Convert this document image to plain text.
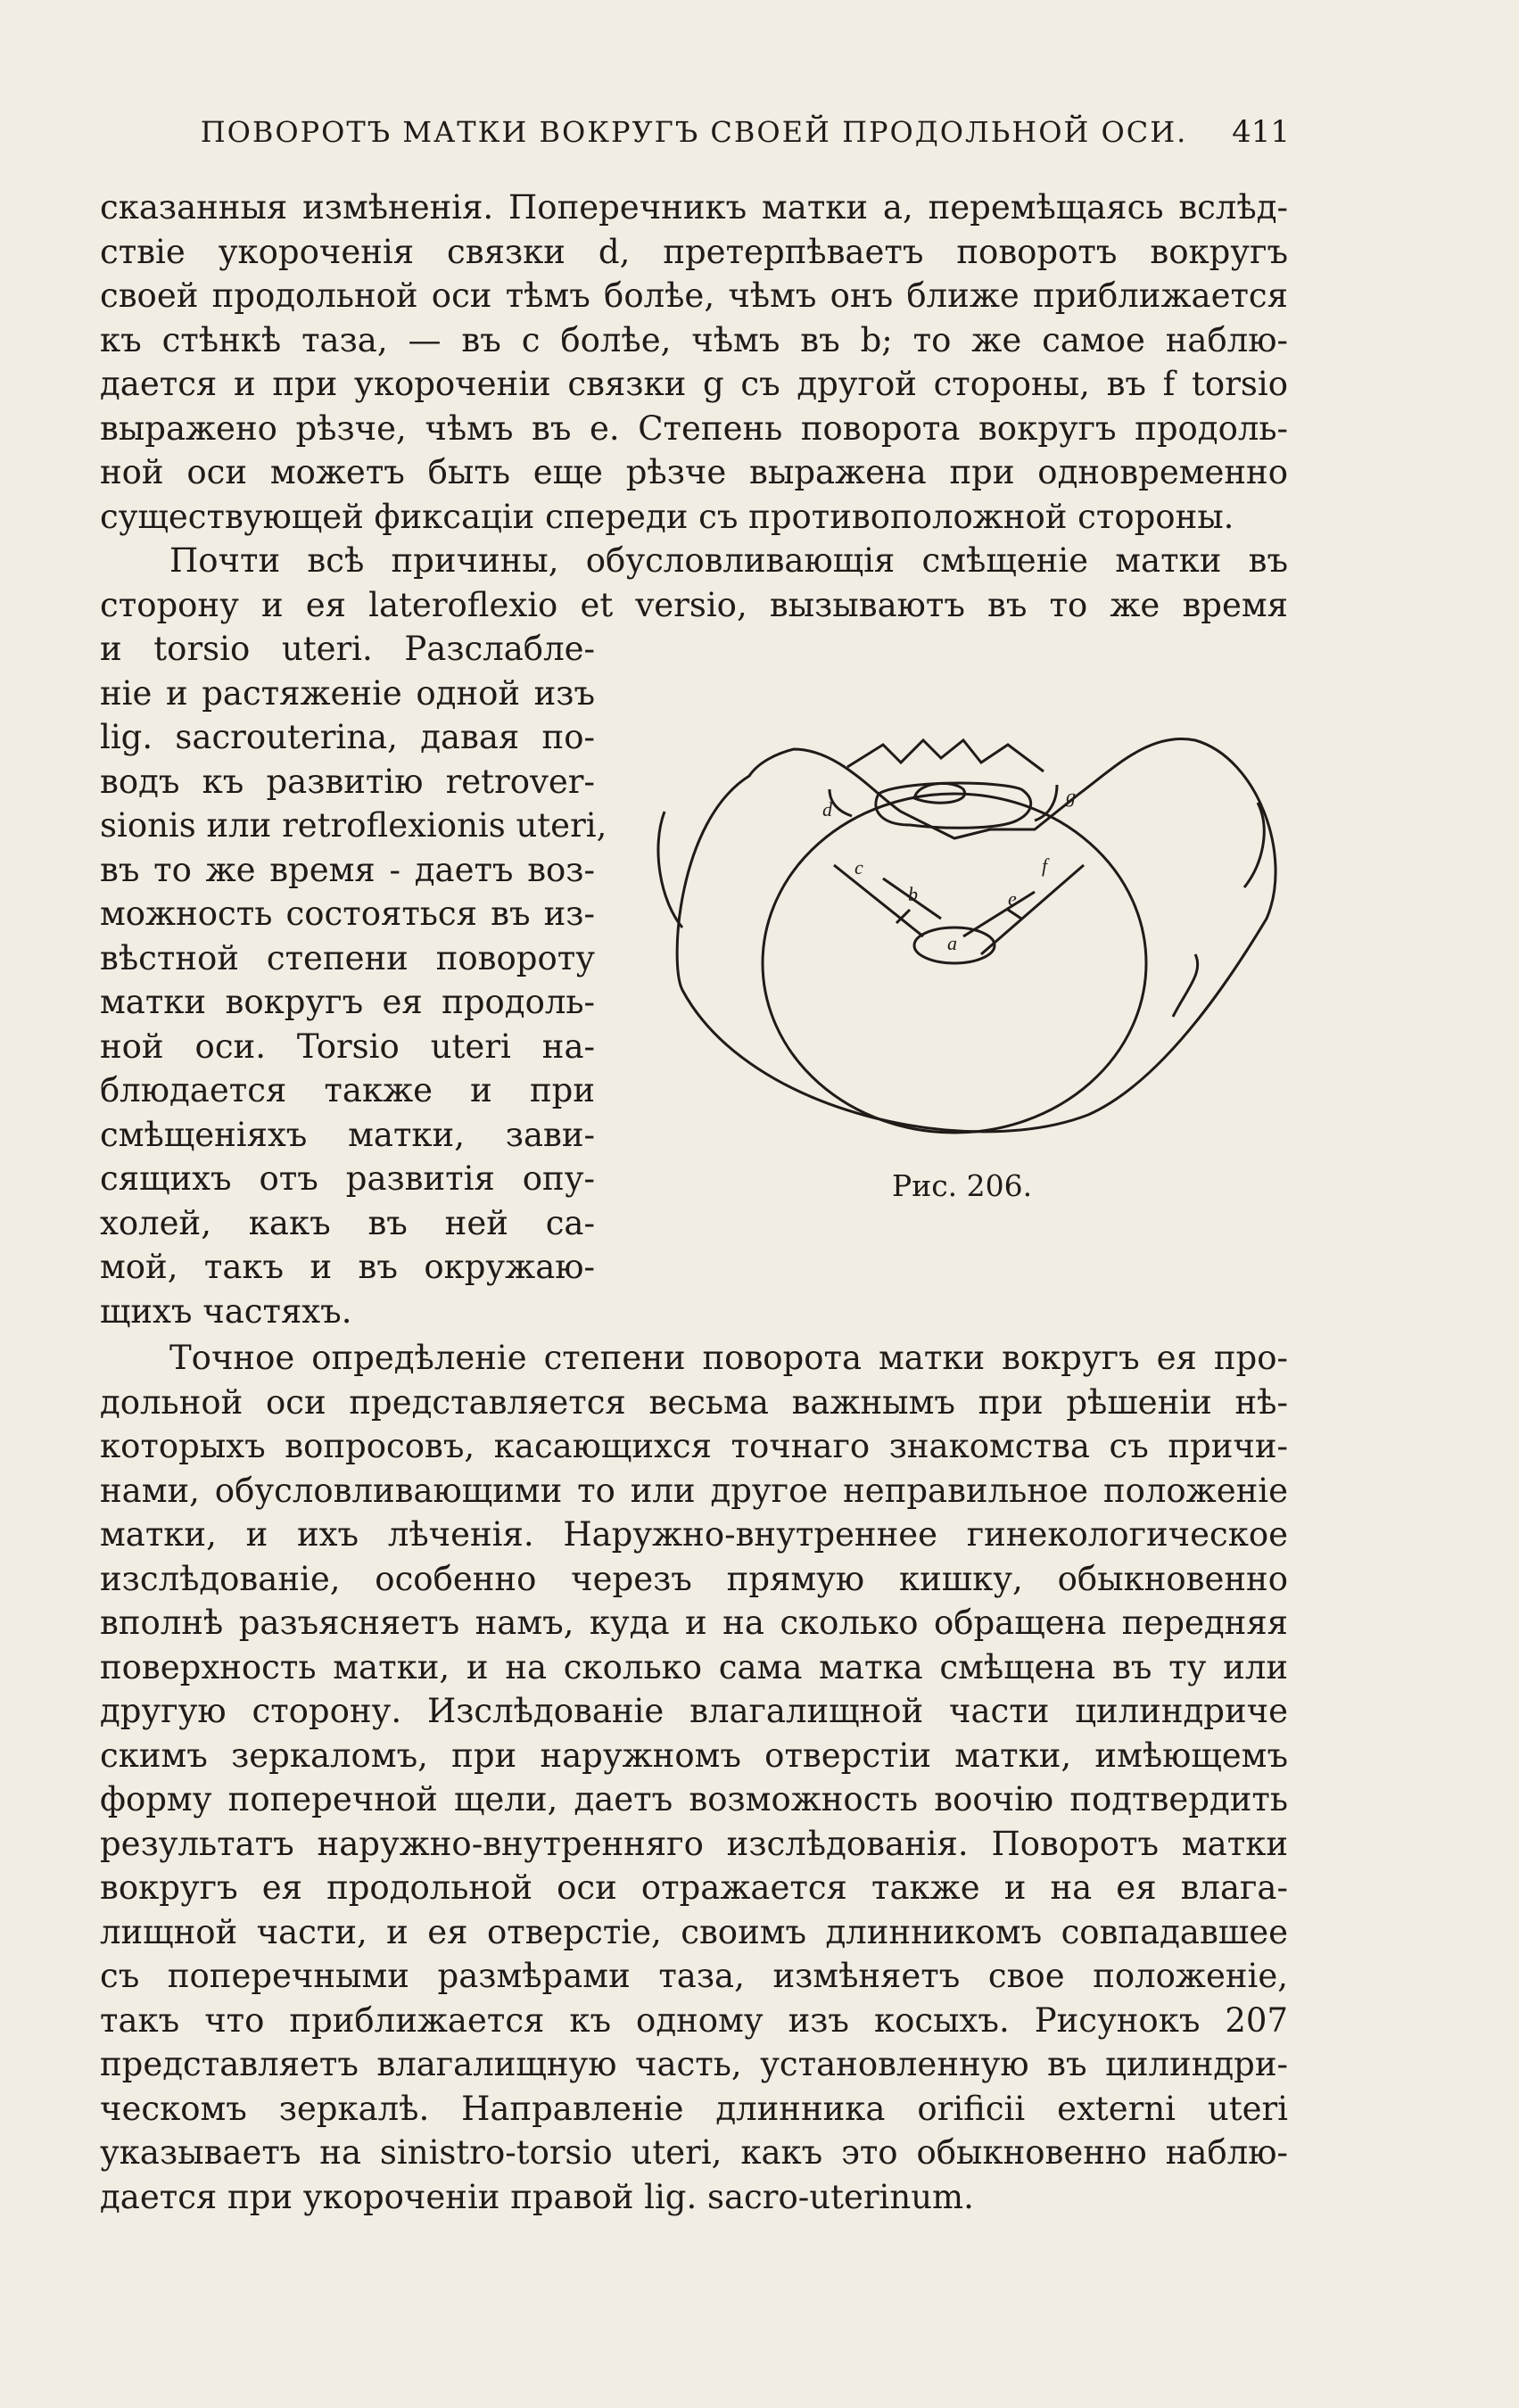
ПОВОРОТЪ МАТКИ ВОКРУГЪ СВОЕЙ ПРОДОЛЬНОЙ ОСИ.	411
сказанныя измѣненія. Поперечникъ матки a, перемѣщаясь вслѣд-
ствіе укороченія связки d, претерпѣваетъ поворотъ вокругъ
своей продольной оси тѣмъ болѣе, чѣмъ онъ ближе приближается
къ стѣнкѣ таза, — въ c болѣе, чѣмъ въ b; то же самое наблю-
дается и при укороченіи связки g съ другой стороны, въ f torsio
выражено рѣзче, чѣмъ въ e. Степень поворота вокругъ продоль-
ной оси можетъ быть еще рѣзче выражена при одновременно
существующей фиксаціи спереди съ противоположной стороны.
Почти всѣ причины, обусловливающія смѣщеніе матки въ
сторону и ея lateroflexio et versio, вызываютъ въ то же время
и torsio uteri. Разслабле-
ніе и растяженіе одной изъ
lig. sacrouterina, давая по-
водъ къ развитію retrover-
sionis или retroflexionis uteri,
въ то же время - даетъ воз-
можность состояться въ из-
вѣстной степени повороту
матки вокругъ ея продоль-
ной оси. Torsio uteri на-
блюдается также и при
смѣщеніяхъ матки, зави-
сящихъ отъ развитія опу-
холей, какъ въ ней са-
мой, такъ и въ окружаю-
щихъ частяхъ.
d
g
c	f
b	e
a
Рис. 206.
Точное опредѣленіе степени поворота матки вокругъ ея про-
дольной оси представляется весьма важнымъ при рѣшеніи нѣ-
которыхъ вопросовъ, касающихся точнаго знакомства съ причи-
нами, обусловливающими то или другое неправильное положеніе
матки, и ихъ лѣченія. Наружно-внутреннее гинекологическое
изслѣдованіе, особенно черезъ прямую кишку, обыкновенно
вполнѣ разъясняетъ намъ, куда и на сколько обращена передняя
поверхность матки, и на сколько сама матка смѣщена въ ту или
другую сторону. Изслѣдованіе влагалищной части цилиндриче
скимъ зеркаломъ, при наружномъ отверстіи матки, имѣющемъ
форму поперечной щели, даетъ возможность воочію подтвердить
результатъ наружно-внутренняго изслѣдованія. Поворотъ матки
вокругъ ея продольной оси отражается также и на ея влага-
лищной части, и ея отверстіе, своимъ длинникомъ совпадавшее
съ поперечными размѣрами таза, измѣняетъ свое положеніе,
такъ что приближается къ одному изъ косыхъ. Рисунокъ 207
представляетъ влагалищную часть, установленную въ цилиндри-
ческомъ зеркалѣ. Направленіе длинника orificii externi uteri
указываетъ на sinistro-torsio uteri, какъ это обыкновенно наблю-
дается при укороченіи правой lig. sacro-uterinum.
